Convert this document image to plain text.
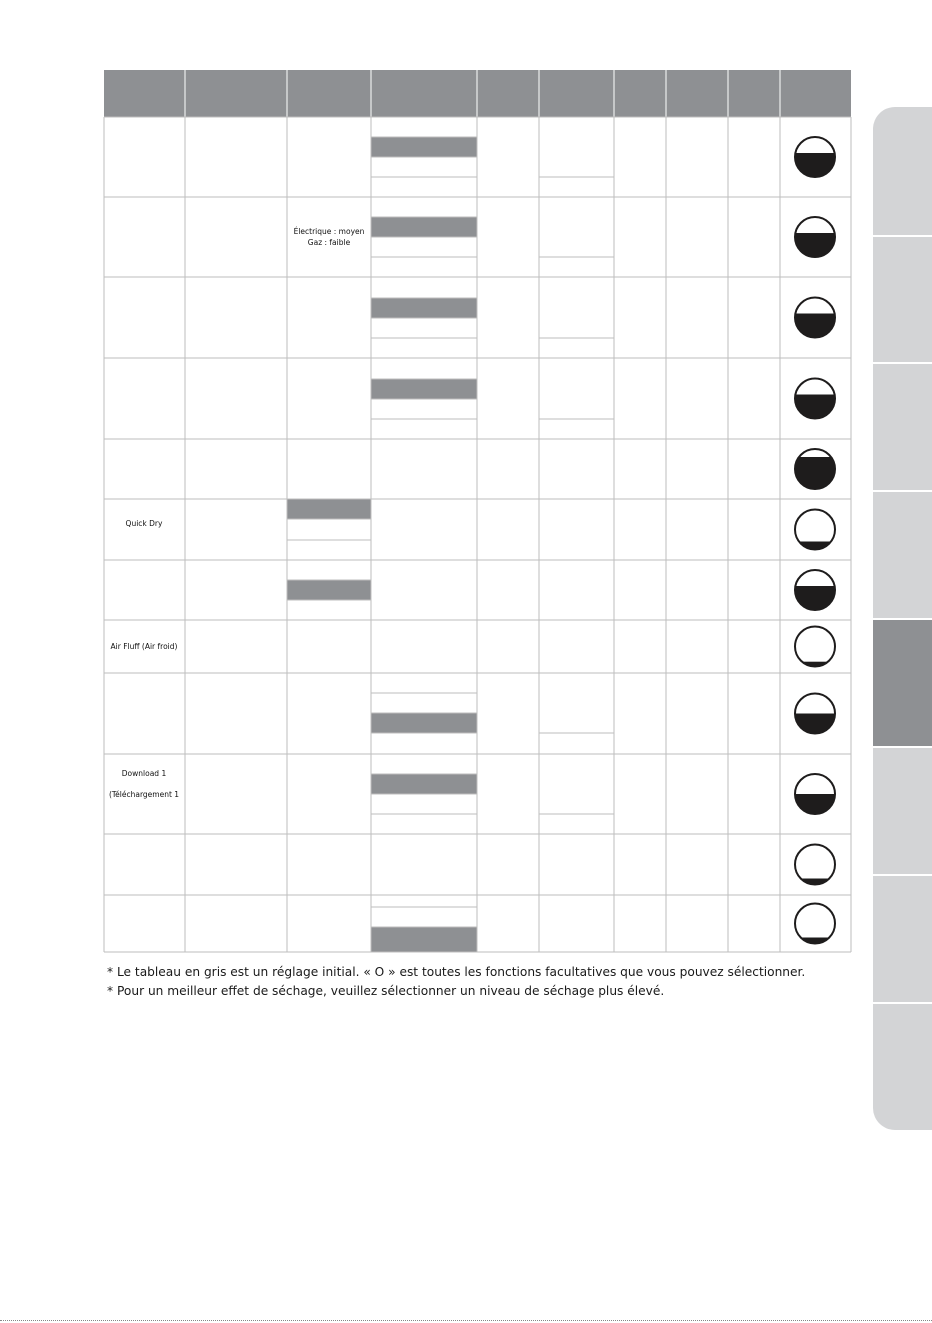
Quick Dry
Air Fluff (Air froid)
Download 1
(Téléchargement 1
Électrique : moyen
Gaz : faible
* Le tableau en gris est un réglage initial. « O » est toutes les fonctions facultatives que vous pouvez sélectionner.
* Pour un meilleur effet de séchage, veuillez sélectionner un niveau de séchage plus élevé.
